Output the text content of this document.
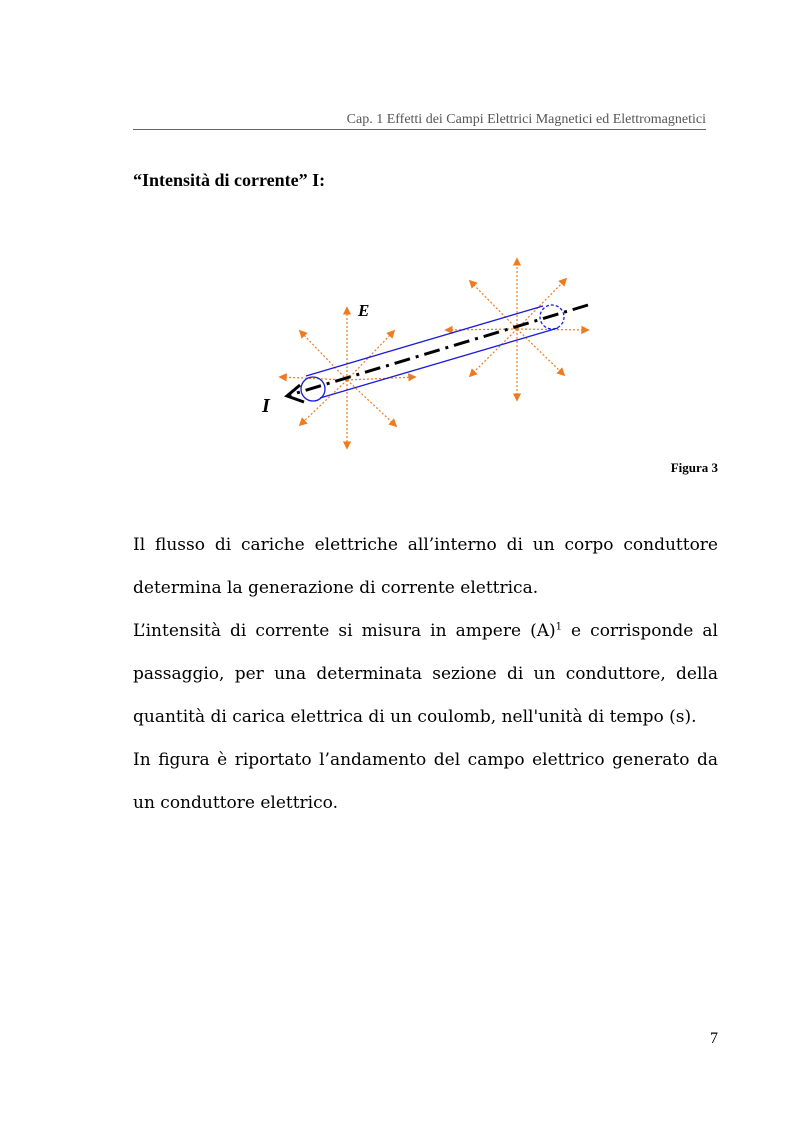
Cap. 1 Effetti dei Campi Elettrici Magnetici ed Elettromagnetici
“Intensità di corrente” I:
E
I
Figura 3

Il flusso di cariche elettriche all’interno di un corpo conduttore determina la generazione di corrente elettrica.

L’intensità di corrente si misura in ampere (A)$^1$ e corrisponde al passaggio, per una determinata sezione di un conduttore, della quantità di carica elettrica di un coulomb, nell'unità di tempo (s).

In figura è riportato l’andamento del campo elettrico generato da un conduttore elettrico.

7
